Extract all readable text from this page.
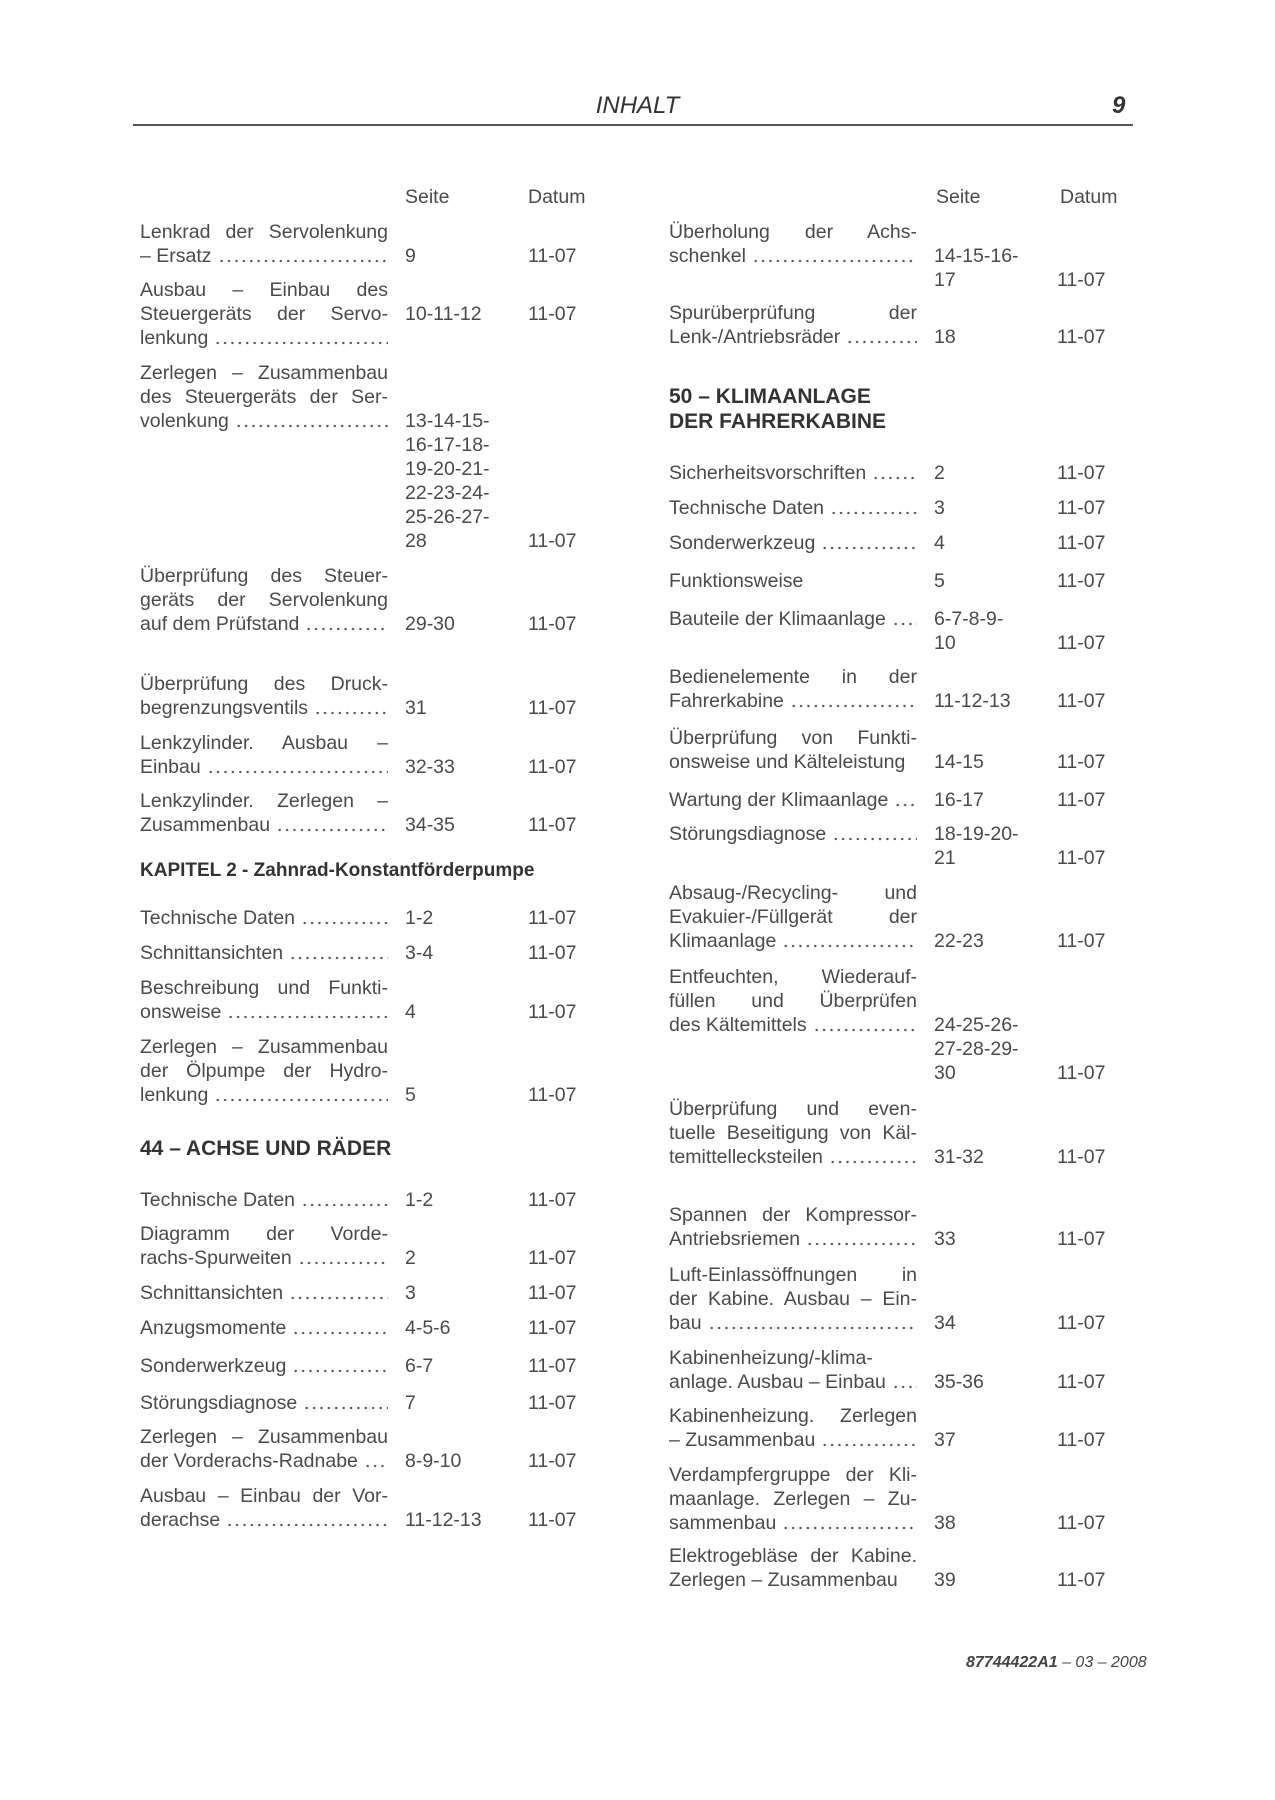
INHALT	9
Seite	Datum
Lenkrad der Servolenkung
– Ersatz	9	11-07
Ausbau – Einbau des
Steuergeräts der Servo-
lenkung
10-11-12 11-07
Zerlegen – Zusammenbau
des Steuergeräts der Ser-
volenkung	13-14-15-
16-17-18-
19-20-21-
22-23-24-
25-26-27-
28	11-07
Überprüfung des Steuer-
geräts der Servolenkung
auf dem Prüfstand	29-30	11-07
Überprüfung des Druck-
begrenzungsventils	31	11-07
Lenkzylinder. Ausbau –
Einbau	32-33	11-07
Lenkzylinder. Zerlegen –
Zusammenbau	34-35	11-07
KAPITEL 2 - Zahnrad-Konstantförderpumpe
Technische Daten	1-2	11-07
Schnittansichten	3-4	11-07
Beschreibung und Funkti-
onsweise	4	11-07
Zerlegen – Zusammenbau
der Ölpumpe der Hydro-
lenkung	5	11-07
44 – ACHSE UND RÄDER
Technische Daten	1-2	11-07
Diagramm der Vorde-
rachs-Spurweiten	2	11-07
Schnittansichten	3	11-07
Anzugsmomente	4-5-6	11-07
Sonderwerkzeug	6-7	11-07
Störungsdiagnose	7	11-07
Zerlegen – Zusammenbau
der Vorderachs-Radnabe 8-9-10	11-07
Ausbau – Einbau der Vor-
derachse	11-12-13 11-07
Seite	Datum
Überholung der Achs-
schenkel	14-15-16-
17	11-07
Spurüberprüfung der
Lenk-/Antriebsräder	18	11-07
50 – KLIMAANLAGE
DER FAHRERKABINE
Sicherheitsvorschriften	2	11-07
Technische Daten	3	11-07
Sonderwerkzeug	4	11-07
Funktionsweise	5	11-07
Bauteile der Klimaanlage 6-7-8-9-
10	11-07
Bedienelemente in der
Fahrerkabine	11-12-13 11-07
Überprüfung von Funkti-
onsweise und Kälteleistung 14-15	11-07
Wartung der Klimaanlage 16-17	11-07
Störungsdiagnose	18-19-20-
21	11-07
Absaug-/Recycling- und
Evakuier-/Füllgerät der
Klimaanlage	22-23	11-07
Entfeuchten, Wiederauf-
füllen und Überprüfen
des Kältemittels	24-25-26-
27-28-29-
30	11-07
Überprüfung und even-
tuelle Beseitigung von Käl-
temittellecksteilen	31-32	11-07
Spannen der Kompressor-
Antriebsriemen	33	11-07
Luft-Einlassöffnungen in
der Kabine. Ausbau – Ein-
bau	34	11-07
Kabinenheizung/-klima-
anlage. Ausbau – Einbau 35-36	11-07
Kabinenheizung. Zerlegen
– Zusammenbau	37	11-07
Verdampfergruppe der Kli-
maanlage. Zerlegen – Zu-
sammenbau	38	11-07
Elektrogebläse der Kabine.
Zerlegen – Zusammenbau 39	11-07
87744422A1 – 03 – 2008
